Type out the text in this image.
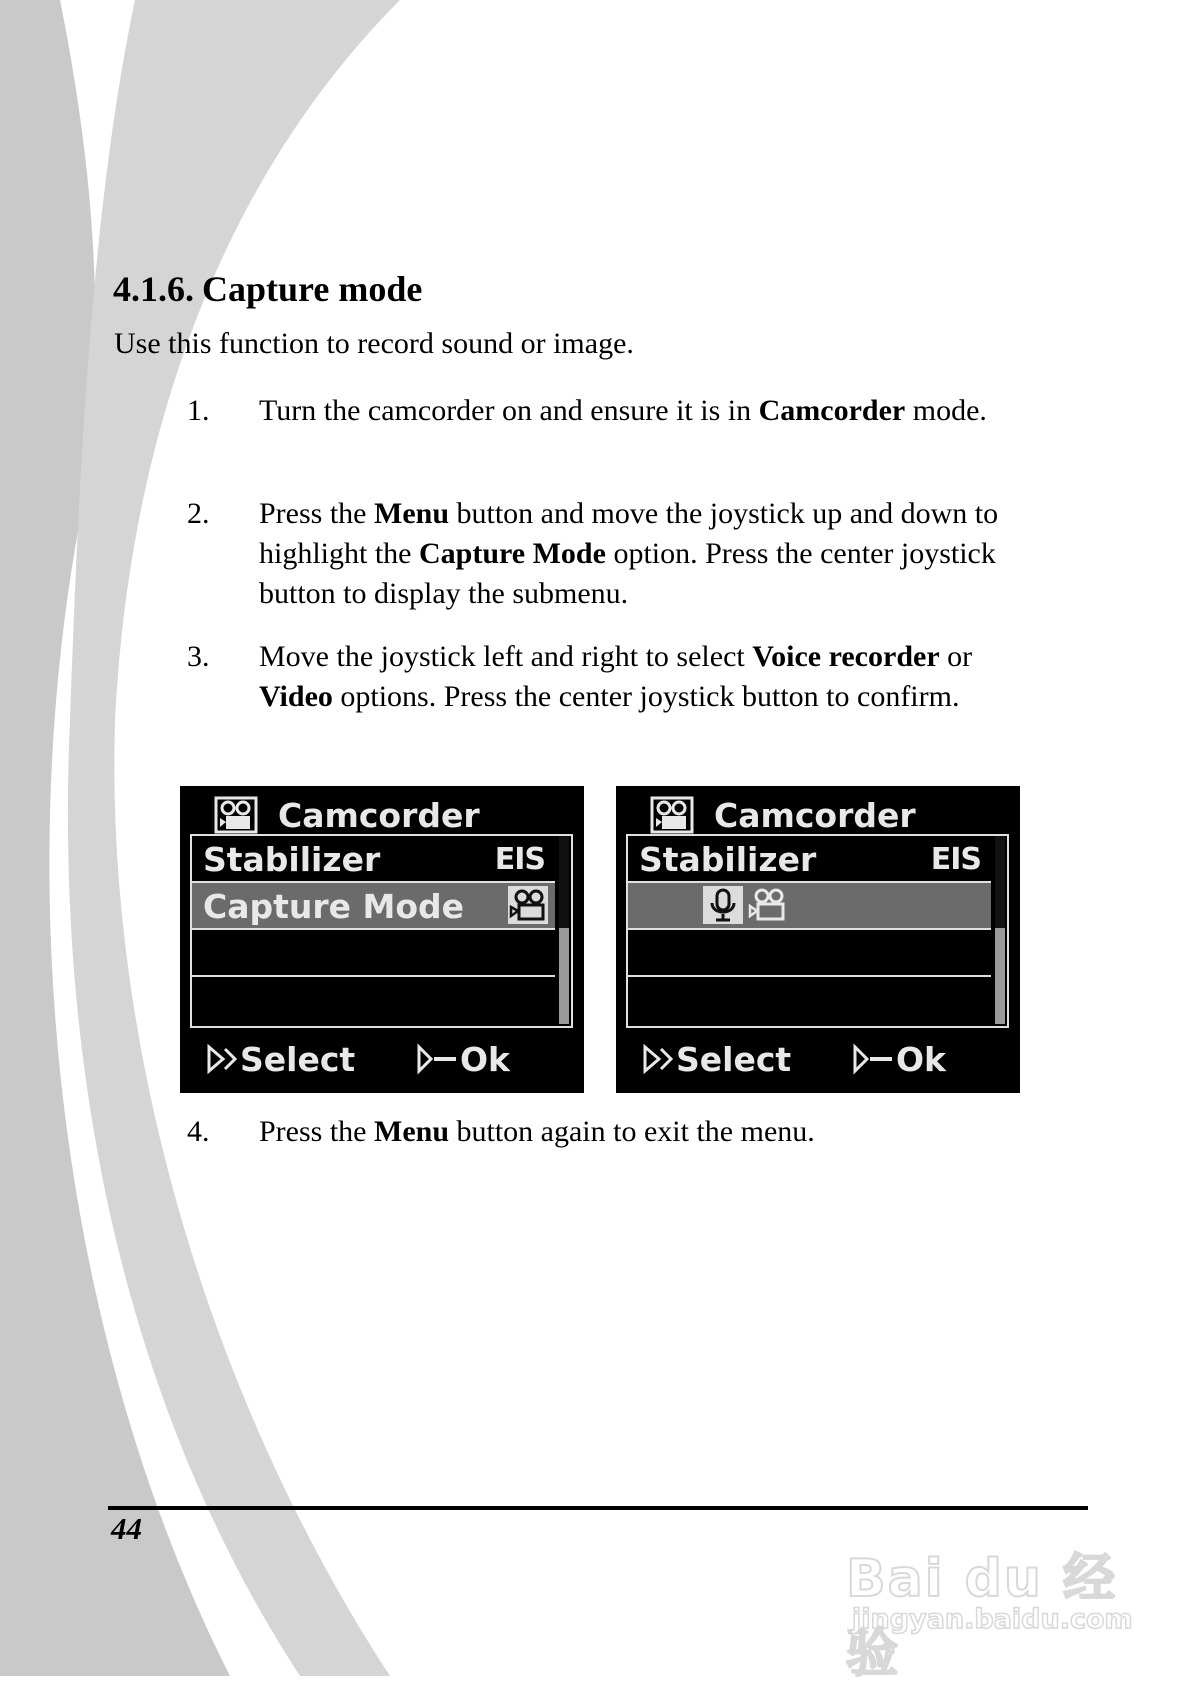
4.1.6. Capture mode
Use this function to record sound or image.
1. Turn the camcorder on and ensure it is in Camcorder mode.
2. Press the Menu button and move the joystick up and down to highlight the Capture Mode option. Press the center joystick button to display the submenu.
3. Move the joystick left and right to select Voice recorder or Video options. Press the center joystick button to confirm.
Camcorder
Stabilizer	EIS
Capture Mode
Select	Ok
Camcorder
Stabilizer	EIS
Select	Ok
4. Press the Menu button again to exit the menu.
44
Bai du 经验
jingyan.baidu.com
